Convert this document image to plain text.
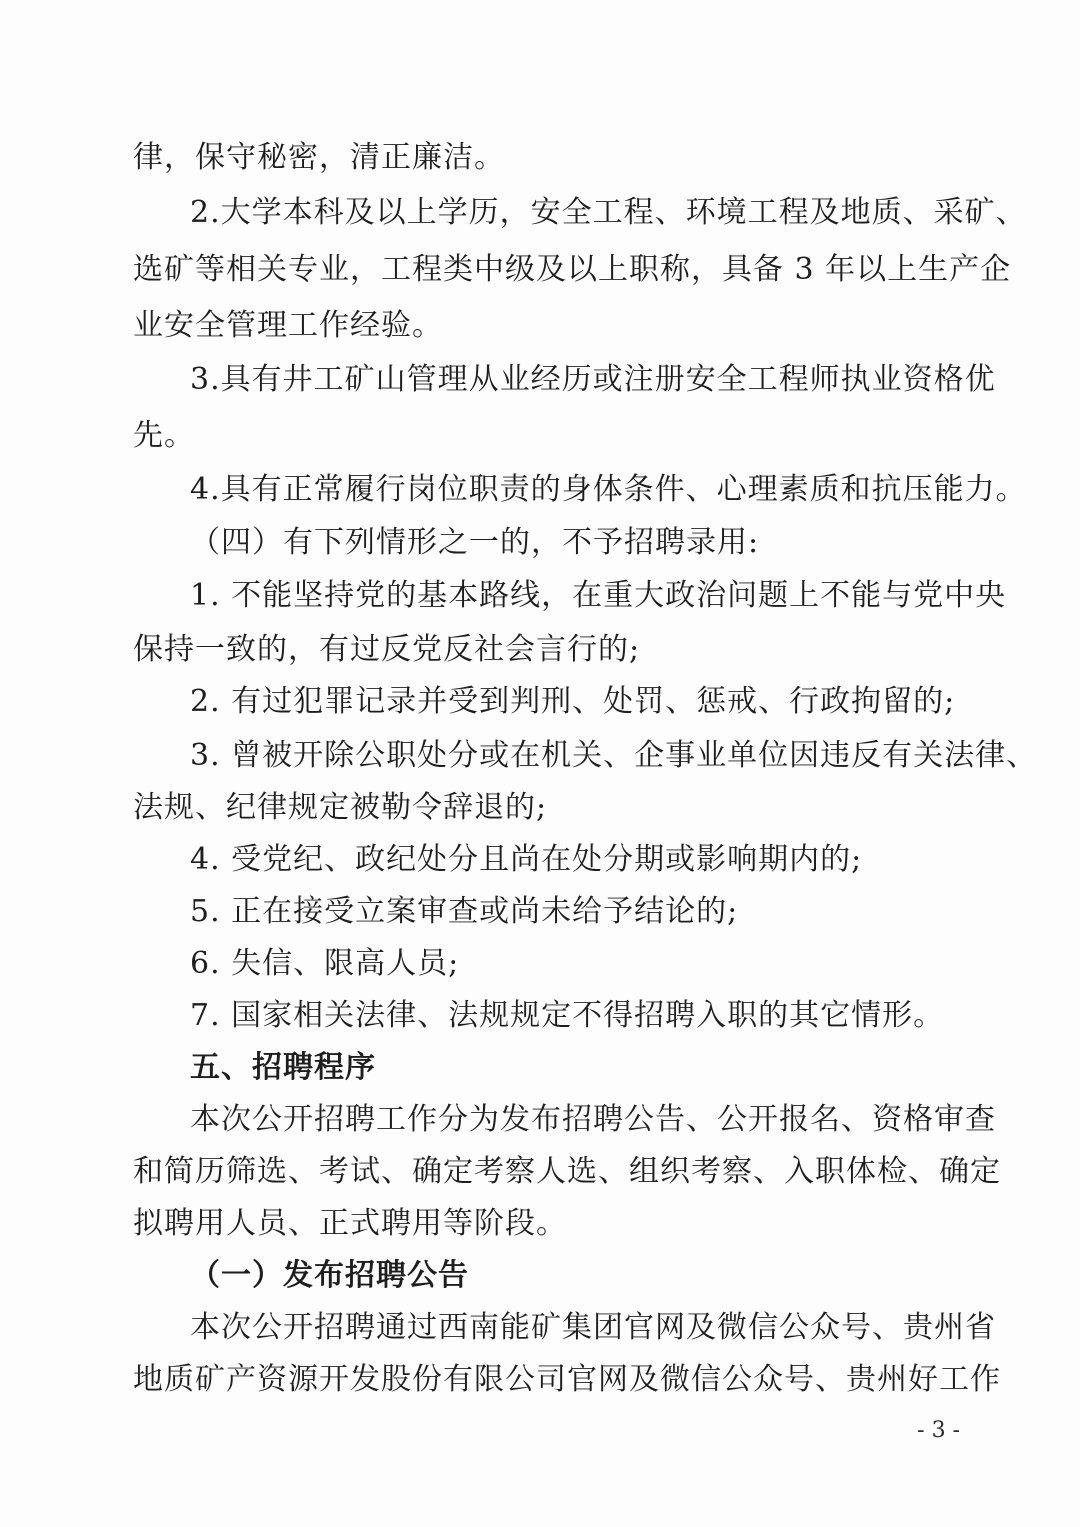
律，保守秘密，清正廉洁。
2.大学本科及以上学历，安全工程、环境工程及地质、采矿、
选矿等相关专业，工程类中级及以上职称，具备 3 年以上生产企
业安全管理工作经验。
3.具有井工矿山管理从业经历或注册安全工程师执业资格优
先。
4.具有正常履行岗位职责的身体条件、心理素质和抗压能力。
（四）有下列情形之一的，不予招聘录用:
1. 不能坚持党的基本路线，在重大政治问题上不能与党中央
保持一致的，有过反党反社会言行的;
2. 有过犯罪记录并受到判刑、处罚、惩戒、行政拘留的;
3. 曾被开除公职处分或在机关、企事业单位因违反有关法律、
法规、纪律规定被勒令辞退的;
4. 受党纪、政纪处分且尚在处分期或影响期内的;
5. 正在接受立案审查或尚未给予结论的;
6. 失信、限高人员;
7. 国家相关法律、法规规定不得招聘入职的其它情形。
五、招聘程序
本次公开招聘工作分为发布招聘公告、公开报名、资格审查
和简历筛选、考试、确定考察人选、组织考察、入职体检、确定
拟聘用人员、正式聘用等阶段。
（一）发布招聘公告
本次公开招聘通过西南能矿集团官网及微信公众号、贵州省
地质矿产资源开发股份有限公司官网及微信公众号、贵州好工作
- 3 -
